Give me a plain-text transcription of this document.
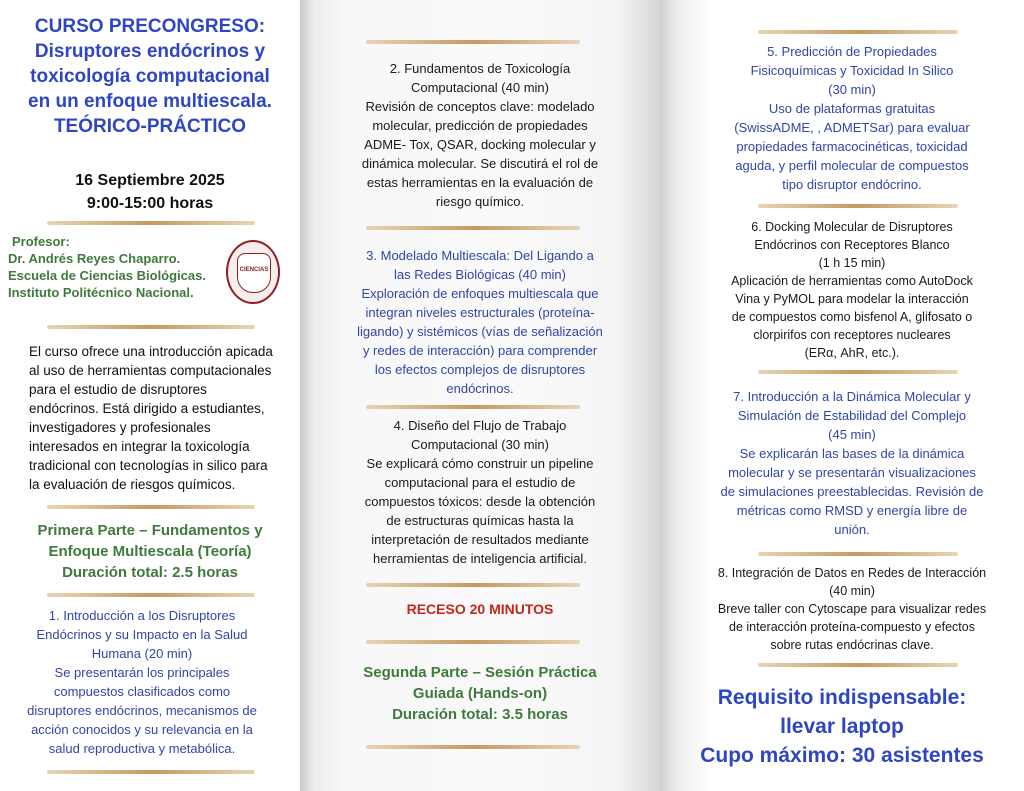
CURSO PRECONGRESO:
Disruptores endócrinos y
toxicología computacional
en un enfoque multiescala.
TEÓRICO-PRÁCTICO
16 Septiembre 2025
9:00-15:00 horas
Profesor:
Dr. Andrés Reyes Chaparro.
Escuela de Ciencias Biológicas.
Instituto Politécnico Nacional.
CIENCIAS
El curso ofrece una introducción apicada
al uso de herramientas computacionales
para el estudio de disruptores
endócrinos. Está dirigido a estudiantes,
investigadores y profesionales
interesados en integrar la toxicología
tradicional con tecnologías in silico para
la evaluación de riesgos químicos.
Primera Parte – Fundamentos y
Enfoque Multiescala (Teoría)
Duración total: 2.5 horas
1. Introducción a los Disruptores
Endócrinos y su Impacto en la Salud
Humana (20 min)
Se presentarán los principales
compuestos clasificados como
disruptores endócrinos, mecanismos de
acción conocidos y su relevancia en la
salud reproductiva y metabólica.
2. Fundamentos de Toxicología
Computacional (40 min)
Revisión de conceptos clave: modelado
molecular, predicción de propiedades
ADME- Tox, QSAR, docking molecular y
dinámica molecular. Se discutirá el rol de
estas herramientas en la evaluación de
riesgo químico.
3. Modelado Multiescala: Del Ligando a
las Redes Biológicas (40 min)
Exploración de enfoques multiescala que
integran niveles estructurales (proteína-
ligando) y sistémicos (vías de señalización
y redes de interacción) para comprender
los efectos complejos de disruptores
endócrinos.
4. Diseño del Flujo de Trabajo
Computacional (30 min)
Se explicará cómo construir un pipeline
computacional para el estudio de
compuestos tóxicos: desde la obtención
de estructuras químicas hasta la
interpretación de resultados mediante
herramientas de inteligencia artificial.
RECESO 20 MINUTOS
Segunda Parte – Sesión Práctica
Guiada (Hands-on)
Duración total: 3.5 horas
5. Predicción de Propiedades
Fisicoquímicas y Toxicidad In Silico
(30 min)
Uso de plataformas gratuitas
(SwissADME, , ADMETSar) para evaluar
propiedades farmacocinéticas, toxicidad
aguda, y perfil molecular de compuestos
tipo disruptor endócrino.
6. Docking Molecular de Disruptores
Endócrinos con Receptores Blanco
(1 h 15 min)
Aplicación de herramientas como AutoDock
Vina y PyMOL para modelar la interacción
de compuestos como bisfenol A, glifosato o
clorpirifos con receptores nucleares
(ERα, AhR, etc.).
7. Introducción a la Dinámica Molecular y
Simulación de Estabilidad del Complejo
(45 min)
Se explicarán las bases de la dinámica
molecular y se presentarán visualizaciones
de simulaciones preestablecidas. Revisión de
métricas como RMSD y energía libre de
unión.
8. Integración de Datos en Redes de Interacción
(40 min)
Breve taller con Cytoscape para visualizar redes
de interacción proteína-compuesto y efectos
sobre rutas endócrinas clave.
Requisito indispensable:
llevar laptop
Cupo máximo: 30 asistentes
